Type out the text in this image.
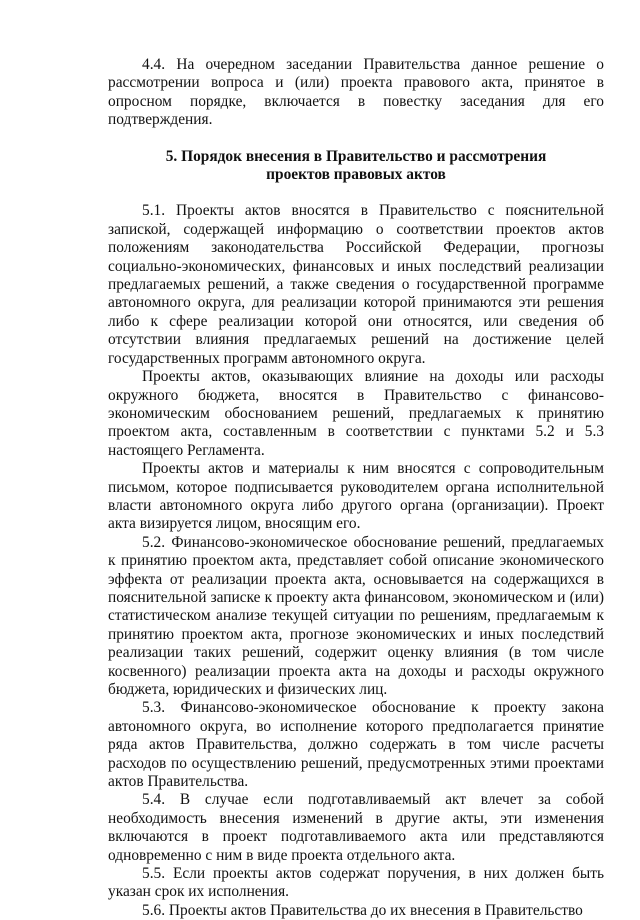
4.4. На очередном заседании Правительства данное решение о рассмотрении вопроса и (или) проекта правового акта, принятое в опросном порядке, включается в повестку заседания для его подтверждения.

5. Порядок внесения в Правительство и рассмотрения
проектов правовых актов

5.1. Проекты актов вносятся в Правительство с пояснительной запиской, содержащей информацию о соответствии проектов актов положениям законодательства Российской Федерации, прогнозы социально-экономических, финансовых и иных последствий реализации предлагаемых решений, а также сведения о государственной программе автономного округа, для реализации которой принимаются эти решения либо к сфере реализации которой они относятся, или сведения об отсутствии влияния предлагаемых решений на достижение целей государственных программ автономного округа.

Проекты актов, оказывающих влияние на доходы или расходы окружного бюджета, вносятся в Правительство с финансово-экономическим обоснованием решений, предлагаемых к принятию проектом акта, составленным в соответствии с пунктами 5.2 и 5.3 настоящего Регламента.

Проекты актов и материалы к ним вносятся с сопроводительным письмом, которое подписывается руководителем органа исполнительной власти автономного округа либо другого органа (организации). Проект акта визируется лицом, вносящим его.

5.2. Финансово-экономическое обоснование решений, предлагаемых к принятию проектом акта, представляет собой описание экономического эффекта от реализации проекта акта, основывается на содержащихся в пояснительной записке к проекту акта финансовом, экономическом и (или) статистическом анализе текущей ситуации по решениям, предлагаемым к принятию проектом акта, прогнозе экономических и иных последствий реализации таких решений, содержит оценку влияния (в том числе косвенного) реализации проекта акта на доходы и расходы окружного бюджета, юридических и физических лиц.

5.3. Финансово-экономическое обоснование к проекту закона автономного округа, во исполнение которого предполагается принятие ряда актов Правительства, должно содержать в том числе расчеты расходов по осуществлению решений, предусмотренных этими проектами актов Правительства.

5.4. В случае если подготавливаемый акт влечет за собой необходимость внесения изменений в другие акты, эти изменения включаются в проект подготавливаемого акта или представляются одновременно с ним в виде проекта отдельного акта.

5.5. Если проекты актов содержат поручения, в них должен быть указан срок их исполнения.

5.6. Проекты актов Правительства до их внесения в Правительство
